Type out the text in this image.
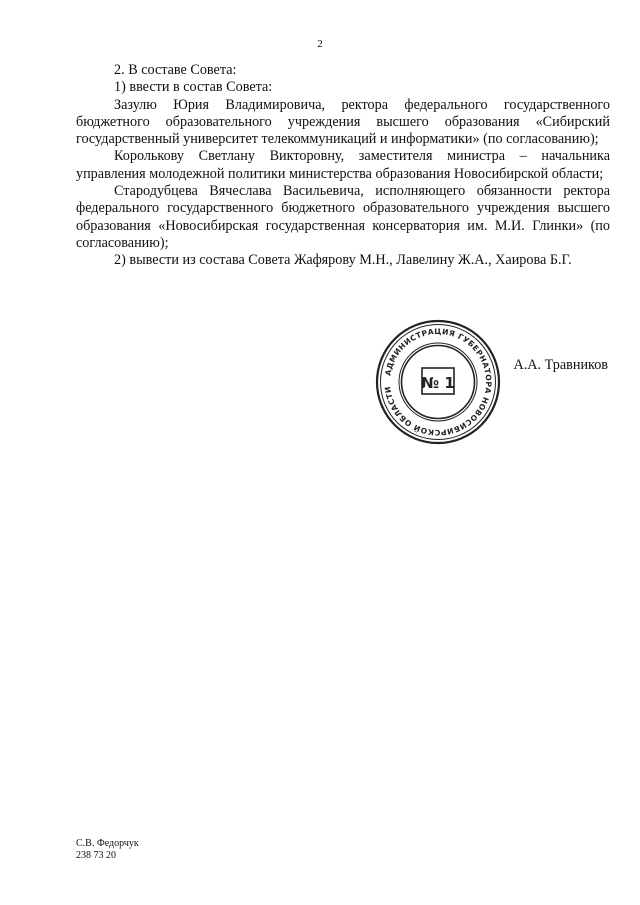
2

2. В составе Совета:

1) ввести в состав Совета:

Зазулю Юрия Владимировича, ректора федерального государственного бюджетного образовательного учреждения высшего образования «Сибирский государственный университет телекоммуникаций и информатики» (по согласованию);

Королькову Светлану Викторовну, заместителя министра – начальника управления молодежной политики министерства образования Новосибирской области;

Стародубцева Вячеслава Васильевича, исполняющего обязанности ректора федерального государственного бюджетного образовательного учреждения высшего образования «Новосибирская государственная консерватория им. М.И. Глинки» (по согласованию);

2) вывести из состава Совета Жафярову М.Н., Лавелину Ж.А., Хаирова Б.Г.

АДМИНИСТРАЦИЯ ГУБЕРНАТОРА НОВОСИБИРСКОЙ ОБЛАСТИ	№ 1
А.А. Травников
С.В. Федорчук
238 73 20
